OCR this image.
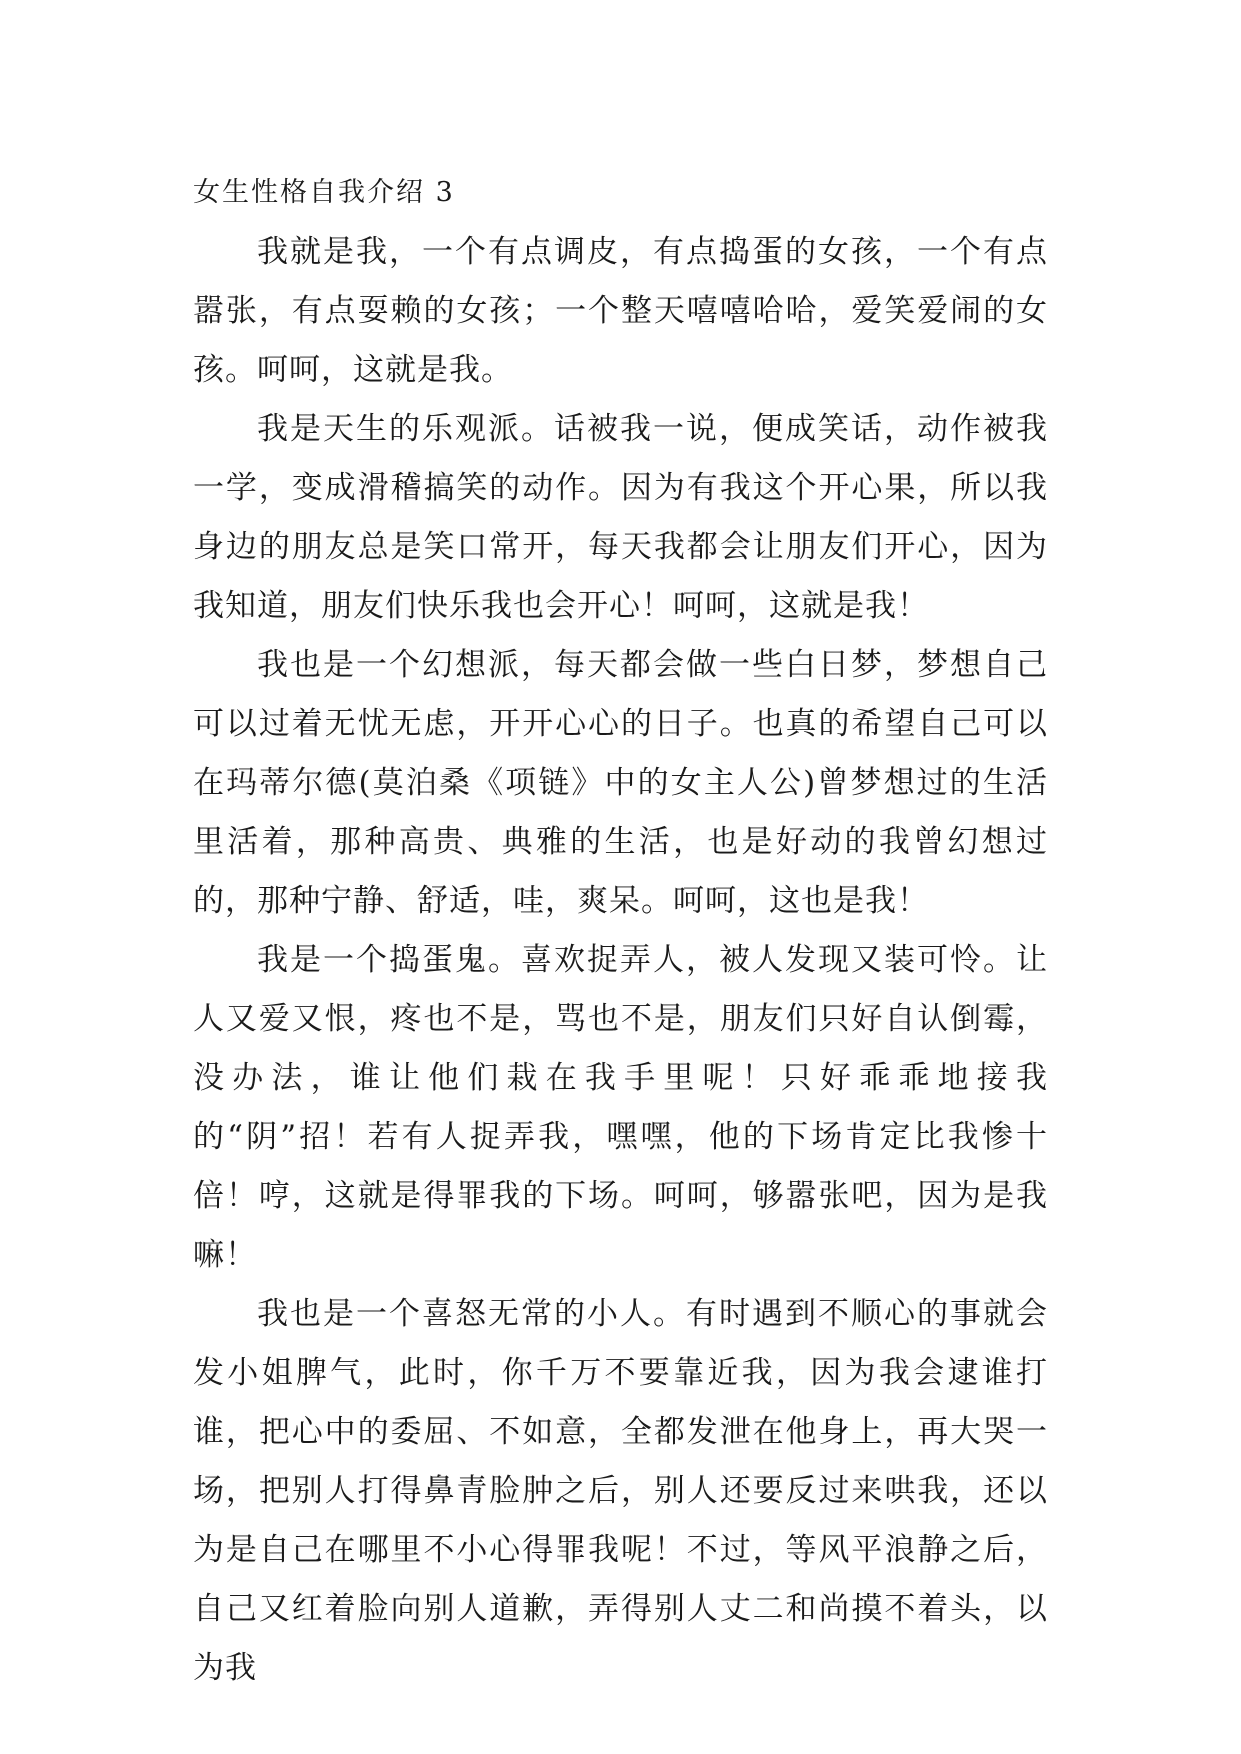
女生性格自我介绍 3

我就是我，一个有点调皮，有点捣蛋的女孩，一个有点嚣张，有点耍赖的女孩；一个整天嘻嘻哈哈，爱笑爱闹的女孩。呵呵，这就是我。

我是天生的乐观派。话被我一说，便成笑话，动作被我一学，变成滑稽搞笑的动作。因为有我这个开心果，所以我身边的朋友总是笑口常开，每天我都会让朋友们开心，因为我知道，朋友们快乐我也会开心！呵呵，这就是我！

我也是一个幻想派，每天都会做一些白日梦，梦想自己可以过着无忧无虑，开开心心的日子。也真的希望自己可以在玛蒂尔德(莫泊桑《项链》中的女主人公)曾梦想过的生活里活着，那种高贵、典雅的生活，也是好动的我曾幻想过的，那种宁静、舒适，哇，爽呆。呵呵，这也是我！

我是一个捣蛋鬼。喜欢捉弄人，被人发现又装可怜。让人又爱又恨，疼也不是，骂也不是，朋友们只好自认倒霉，没办法，谁让他们栽在我手里呢！只好乖乖地接我的“阴”招！若有人捉弄我，嘿嘿，他的下场肯定比我惨十倍！哼，这就是得罪我的下场。呵呵，够嚣张吧，因为是我嘛！

我也是一个喜怒无常的小人。有时遇到不顺心的事就会发小姐脾气，此时，你千万不要靠近我，因为我会逮谁打谁，把心中的委屈、不如意，全都发泄在他身上，再大哭一场，把别人打得鼻青脸肿之后，别人还要反过来哄我，还以为是自己在哪里不小心得罪我呢！不过，等风平浪静之后，自己又红着脸向别人道歉，弄得别人丈二和尚摸不着头，以为我
